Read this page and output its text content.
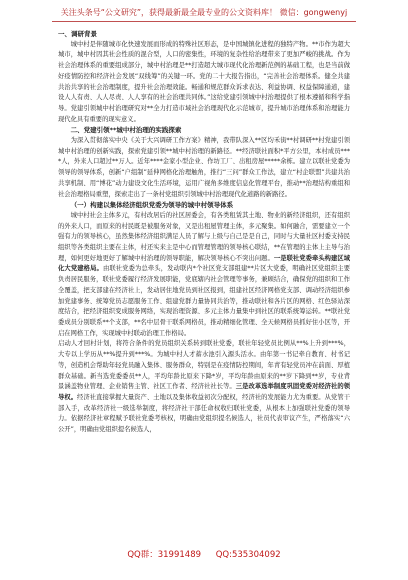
关注头条号“公文研究”，获得最新最全最专业的公文资料库！ 微信：gongwenyj

一、调研背景

城中村是伴随城市化快速发展而形成的特殊社区形态，是中国城镇化进程的独特产物。**市作为超大城市，城中村因其社会性质的混合型，人口的密集性，环境的复杂性给治理带来了更加严峻的挑战。作为社会治理体系的重要组成部分，城中村治理是**打造超大城市现代化治理新范例的基础工程，也是当前做好疫情防控和经济社会发展“双线筹”的关键一环。党的二十大报告指出，“完善社会治理体系。健全共建共治共享的社会治理制度，提升社会治理效能。畅通和规范群众诉求表达、利益协调、权益保障通道，建设人人有责、人人尽责、人人享有的社会治理共同体。”这给党建引领城中村治理提供了根本遵循和科学指导。党建引领城中村治理研究对**全力打造市域社会治理现代化示范城市，提升城市治理体系和治理能力现代化具有重要的现实意义。

二、党建引领**城中村治理的实践探索

为深入贯彻落实中央《关于大兴调研工作方案》精神，我带队深入**区均禾街**村调研**村党建引领城中村治理的创新实践，探索党建引领**城中村治理的新路径。**经济联社面积*平方公里，本村成员****人，外来人口超过**万人。近年****金家小型企业、作坊工厂、出租房屋*****余栋。建立以联社党委为领导的领导体系，创新“户组制”延伸网格化治理触角，推行“三问”群众工作法，建立“村企联盟”共建共治共享机制、用“博花”动力建设文化生活环境，运用广视角多维度信息化管理平台，推动**治理结构重组和社会治理格局重塑，探索走出了一条村党组织引领城中村治理现代化道路的新路径。

（一）构建以集体经济组织党委为领导的城中村领导体系

城中村社会主体多元，有村改居后的社区居委会，有各类租赁其土地、物业的新经济组织，还有组织的外来人口，而原来的村民既是被服务对象，又是出租屋管理主体，多元聚集。如何融合，需要建立一个强有力的领导核心，虽然集体经济组织满足人员了解与上级与自己是是自己，同时与大量社区村委支持民组织等各类组织主要在主体，村还实来主是中心而管理管理的领导核心联结，**在管理的主体上主导与治理，如何更好地更好了解城中村治理的领导职能，解决领导核心不突出问题。一是联社党委牵头构建区域化大党建格局。由联社党委为总牵头，发动联内*个社区党支部组建**片区大党委，明确社区党组织主要负责居民服务，联社党委履行经济发展职能，党底辖内社会管理等事务，兼顾结合，确保党的组织和工作全覆盖，把支部建在经济社上，发动居住地党员到社区报到，组建社区经济网格党支部、调动经济组织参加党建事务、统筹党员志愿服务工作、组建党群力量协同共治等，推动联社和各片区的网格、红色驿站深度结合，把经济组织变成服务网络，实现治理资源、多元主体力量集中到社区的联系统筹运转。**联社党委成员分别联系**个支部，**名中层骨干联系网格员，推动精细化管理、全天候网格员抓好住小区等，开启在网格工作，实现城中村联动治理工作格局。

启动人才回村计划，将符合条件的党员组织关系转到联社党委，联社年轻党员比例从**%上升到***%，大专以上学历从**%提升到***%。为城中村人才蓄水池引入源头活水。由年第一书记牵自教育、村书记等，创造机会帮助年轻党员融入集体、服务群众，特别是在疫情防控期间，年青有轻党员冲在前面、厚植群众基础。新当选党委委员**人，平均年龄比原来下降*岁，平均年龄由原来的**岁下降到**岁，专业背景涵盖物业管理、企业销售主管、社区工作者、经济社社长等。三是改革选举制度巩固党委对经济社的领导权。经济社直接掌握大量资产、土地以及集体收益初次分配权，经济社的发展能力尤为重要。从党管干部入手，改革经济社一级选举制度，将经济社干部任命权收归联社党委，从根本上加强联社党委的领导力。依据经济社章程赋予联社党委考核权，明确由党组织提名候选人，社员代表审议产生，严格落实“六公开”，明确由党组织提名候选人，

QQ群：31991489 QQ:535304092
